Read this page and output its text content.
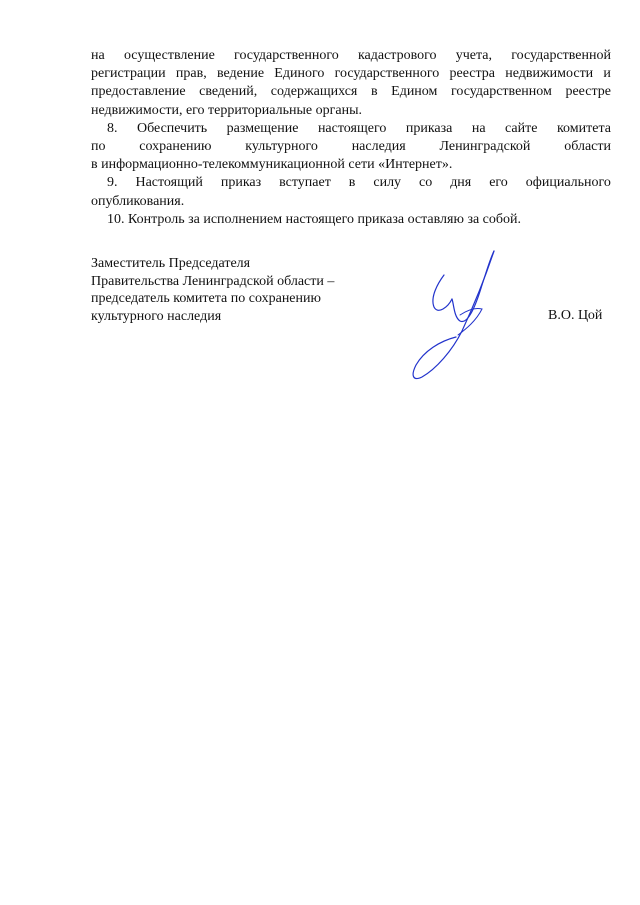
на осуществление государственного кадастрового учета, государственной
регистрации прав, ведение Единого государственного реестра недвижимости и
предоставление сведений, содержащихся в Едином государственном реестре
недвижимости, его территориальные органы.
8. Обеспечить размещение настоящего приказа на сайте комитета
по сохранению культурного наследия Ленинградской области
в информационно-телекоммуникационной сети «Интернет».
9. Настоящий приказ вступает в силу со дня его официального
опубликования.
10. Контроль за исполнением настоящего приказа оставляю за собой.
Заместитель Председателя
Правительства Ленинградской области –
председатель комитета по сохранению
культурного наследия	В.О. Цой
